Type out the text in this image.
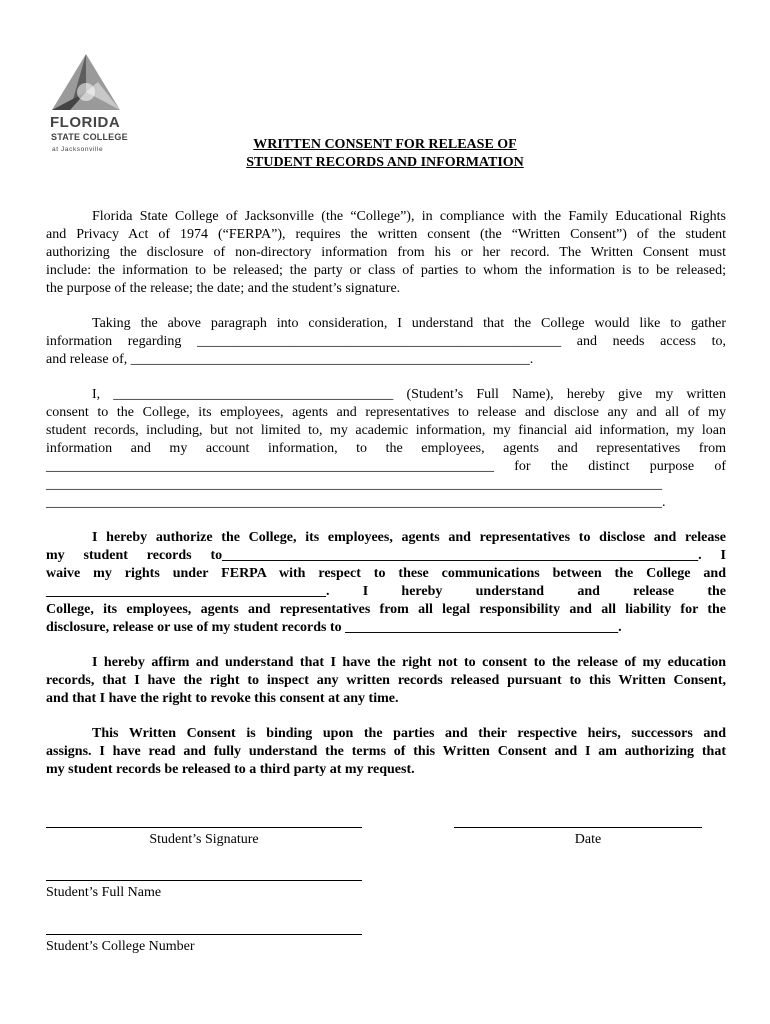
FLORIDA
STATE COLLEGE
at Jacksonville	WRITTEN CONSENT FOR RELEASE OF
STUDENT RECORDS AND INFORMATION
Florida State College of Jacksonville (the “College”), in compliance with the Family Educational Rights
and Privacy Act of 1974 (“FERPA”), requires the written consent (the “Written Consent”) of the student
authorizing the disclosure of non-directory information from his or her record. The Written Consent must
include: the information to be released; the party or class of parties to whom the information is to be released;
the purpose of the release; the date; and the student’s signature.
Taking the above paragraph into consideration, I understand that the College would like to gather
information regarding ____________________________________________________ and needs access to,
and release of, _________________________________________________________.
I, ________________________________________ (Student’s Full Name), hereby give my written
consent to the College, its employees, agents and representatives to release and disclose any and all of my
student records, including, but not limited to, my academic information, my financial aid information, my loan
information and my account information, to the employees, agents and representatives from
________________________________________________________________ for the distinct purpose of
________________________________________________________________________________________
________________________________________________________________________________________.
I hereby authorize the College, its employees, agents and representatives to disclose and release
my student records to____________________________________________________________________. I
waive my rights under FERPA with respect to these communications between the College and
________________________________________. I hereby understand and release the
College, its employees, agents and representatives from all legal responsibility and all liability for the
disclosure, release or use of my student records to _______________________________________.
I hereby affirm and understand that I have the right not to consent to the release of my education
records, that I have the right to inspect any written records released pursuant to this Written Consent,
and that I have the right to revoke this consent at any time.
This Written Consent is binding upon the parties and their respective heirs, successors and
assigns. I have read and fully understand the terms of this Written Consent and I am authorizing that
my student records be released to a third party at my request.
Student’s Signature	Date
Student’s Full Name
Student’s College Number
